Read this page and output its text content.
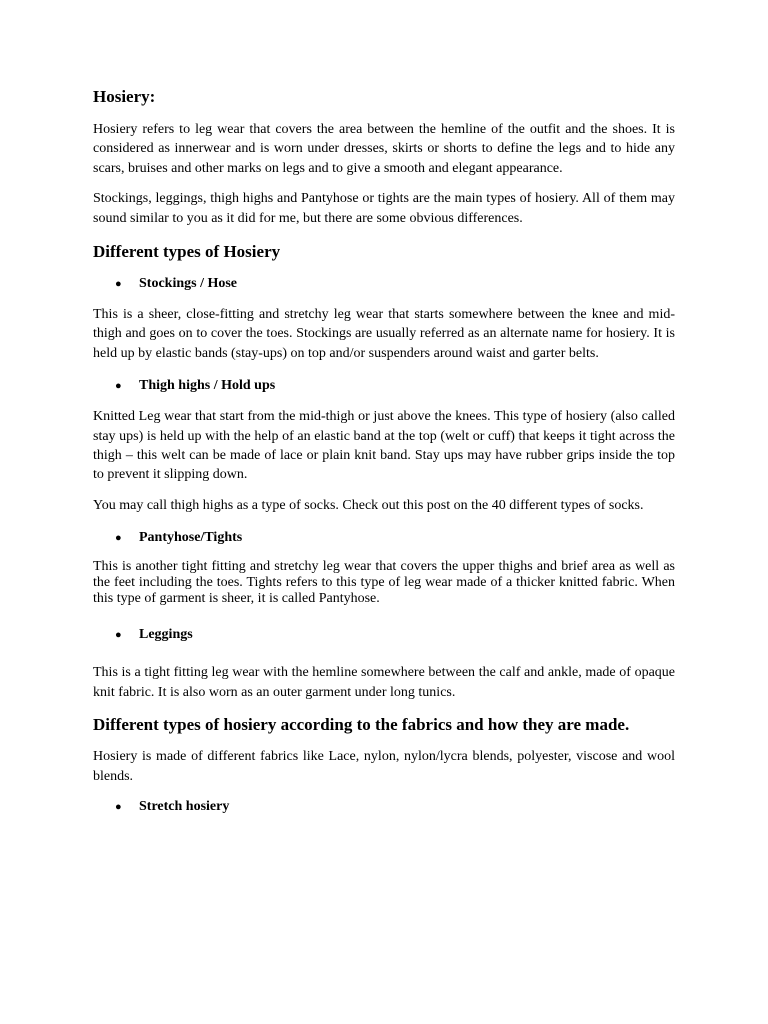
Hosiery:

Hosiery refers to leg wear that covers the area between the hemline of the outfit and the shoes. It is considered as innerwear and is worn under dresses, skirts or shorts to define the legs and to hide any scars, bruises and other marks on legs and to give a smooth and elegant appearance.

Stockings, leggings, thigh highs and Pantyhose or tights are the main types of hosiery. All of them may sound similar to you as it did for me, but there are some obvious differences.

Different types of Hosiery
●	Stockings / Hose

This is a sheer, close-fitting and stretchy leg wear that starts somewhere between the knee and mid-thigh and goes on to cover the toes. Stockings are usually referred as an alternate name for hosiery. It is held up by elastic bands (stay-ups) on top and/or suspenders around waist and garter belts.

●	Thigh highs / Hold ups

Knitted Leg wear that start from the mid-thigh or just above the knees. This type of hosiery (also called stay ups) is held up with the help of an elastic band at the top (welt or cuff) that keeps it tight across the thigh – this welt can be made of lace or plain knit band. Stay ups may have rubber grips inside the top to prevent it slipping down.

You may call thigh highs as a type of socks. Check out this post on the 40 different types of socks.

●	Pantyhose/Tights

This is another tight fitting and stretchy leg wear that covers the upper thighs and brief area as well as the feet including the toes. Tights refers to this type of leg wear made of a thicker knitted fabric. When this type of garment is sheer, it is called Pantyhose.

●	Leggings

This is a tight fitting leg wear with the hemline somewhere between the calf and ankle, made of opaque knit fabric. It is also worn as an outer garment under long tunics.

Different types of hosiery according to the fabrics and how they are made.

Hosiery is made of different fabrics like Lace, nylon, nylon/lycra blends, polyester, viscose and wool blends.

●	Stretch hosiery
